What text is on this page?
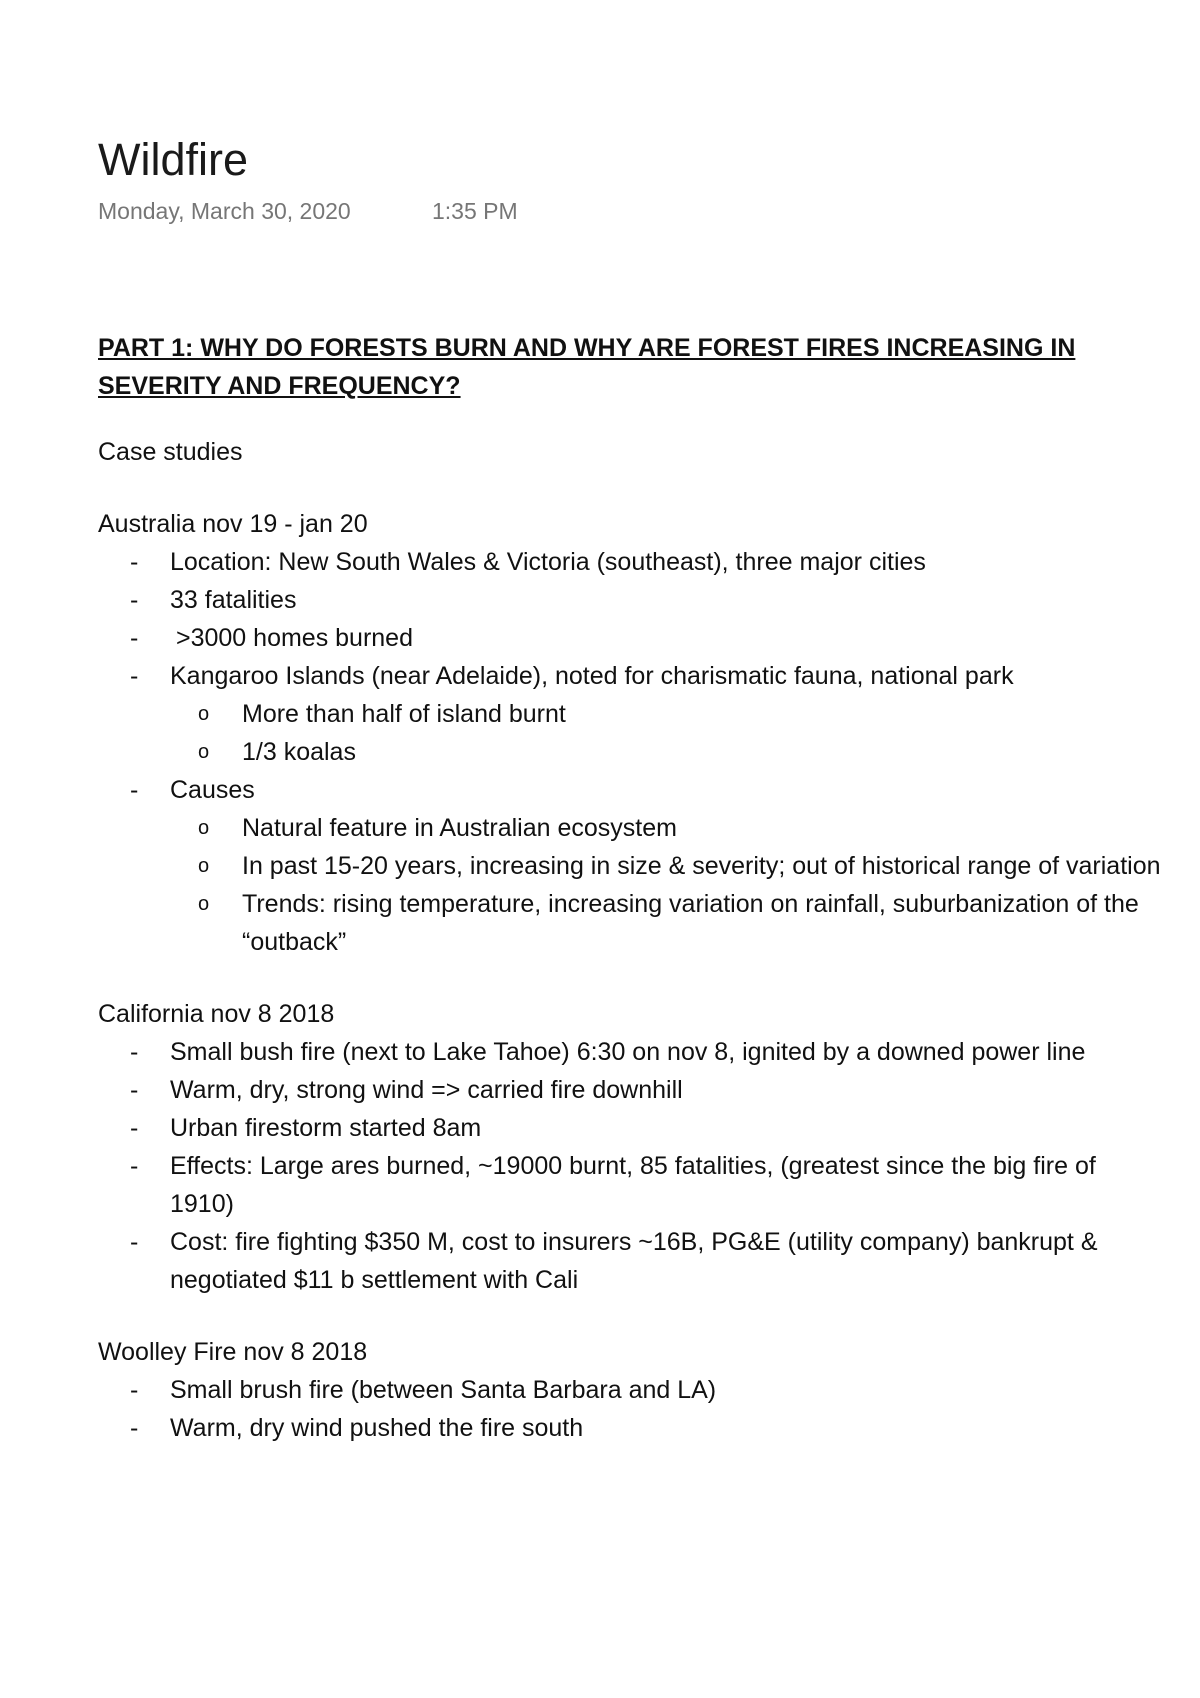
Wildfire
Monday, March 30, 2020	1:35 PM
PART 1: WHY DO FORESTS BURN AND WHY ARE FOREST FIRES INCREASING IN SEVERITY AND FREQUENCY?
Case studies
Australia nov 19 - jan 20
- Location: New South Wales & Victoria (southeast), three major cities
- 33 fatalities
- >3000 homes burned
- Kangaroo Islands (near Adelaide), noted for charismatic fauna, national park
o More than half of island burnt
o 1/3 koalas
- Causes
o Natural feature in Australian ecosystem
o In past 15-20 years, increasing in size & severity; out of historical range of variation
o Trends: rising temperature, increasing variation on rainfall, suburbanization of the “outback”
California nov 8 2018
- Small bush fire (next to Lake Tahoe) 6:30 on nov 8, ignited by a downed power line
- Warm, dry, strong wind => carried fire downhill
- Urban firestorm started 8am
- Effects: Large ares burned, ~19000 burnt, 85 fatalities, (greatest since the big fire of 1910)
- Cost: fire fighting $350 M, cost to insurers ~16B, PG&E (utility company) bankrupt & negotiated $11 b settlement with Cali
Woolley Fire nov 8 2018
- Small brush fire (between Santa Barbara and LA)
- Warm, dry wind pushed the fire south
